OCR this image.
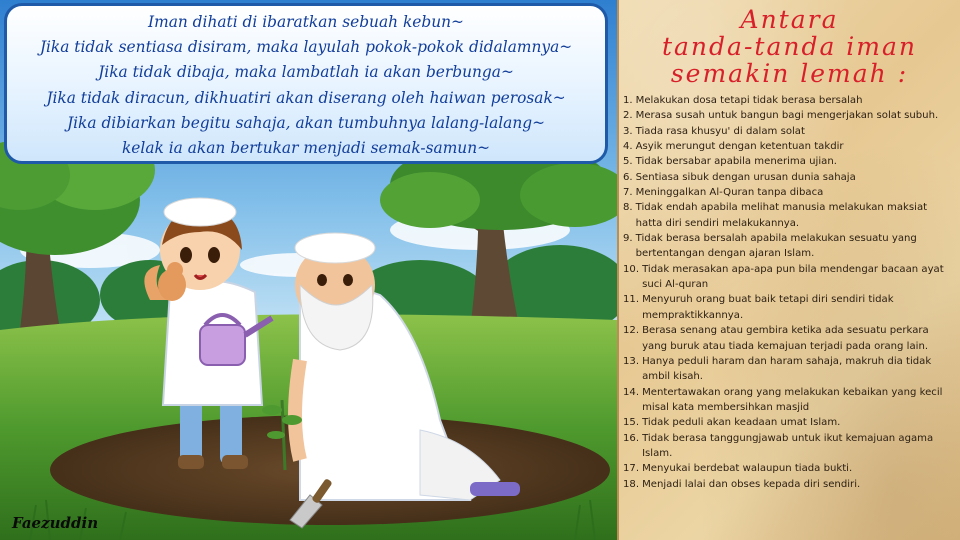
Iman dihati di ibaratkan sebuah kebun~
Jika tidak sentiasa disiram, maka layulah pokok-pokok didalamnya~
Jika tidak dibaja, maka lambatlah ia akan berbunga~
Jika tidak diracun, dikhuatiri akan diserang oleh haiwan perosak~
Jika dibiarkan begitu sahaja, akan tumbuhnya lalang-lalang~
kelak ia akan bertukar menjadi semak-samun~
Faezuddin
Antara
tanda-tanda iman
semakin lemah :
1. Melakukan dosa tetapi tidak berasa bersalah
2. Merasa susah untuk bangun bagi mengerjakan solat subuh.
3. Tiada rasa khusyu' di dalam solat
4. Asyik merungut dengan ketentuan takdir
5. Tidak bersabar apabila menerima ujian.
6. Sentiasa sibuk dengan urusan dunia sahaja
7. Meninggalkan Al-Quran tanpa dibaca
8. Tidak endah apabila melihat manusia melakukan maksiat hatta diri sendiri melakukannya.
9. Tidak berasa bersalah apabila melakukan sesuatu yang bertentangan dengan ajaran Islam.
10. Tidak merasakan apa-apa pun bila mendengar bacaan ayat suci Al-quran
11. Menyuruh orang buat baik tetapi diri sendiri tidak mempraktikkannya.
12. Berasa senang atau gembira ketika ada sesuatu perkara yang buruk atau tiada kemajuan terjadi pada orang lain.
13. Hanya peduli haram dan haram sahaja, makruh dia tidak ambil kisah.
14. Mentertawakan orang yang melakukan kebaikan yang kecil misal kata membersihkan masjid
15. Tidak peduli akan keadaan umat Islam.
16. Tidak berasa tanggungjawab untuk ikut kemajuan agama Islam.
17. Menyukai berdebat walaupun tiada bukti.
18. Menjadi lalai dan obses kepada diri sendiri.
